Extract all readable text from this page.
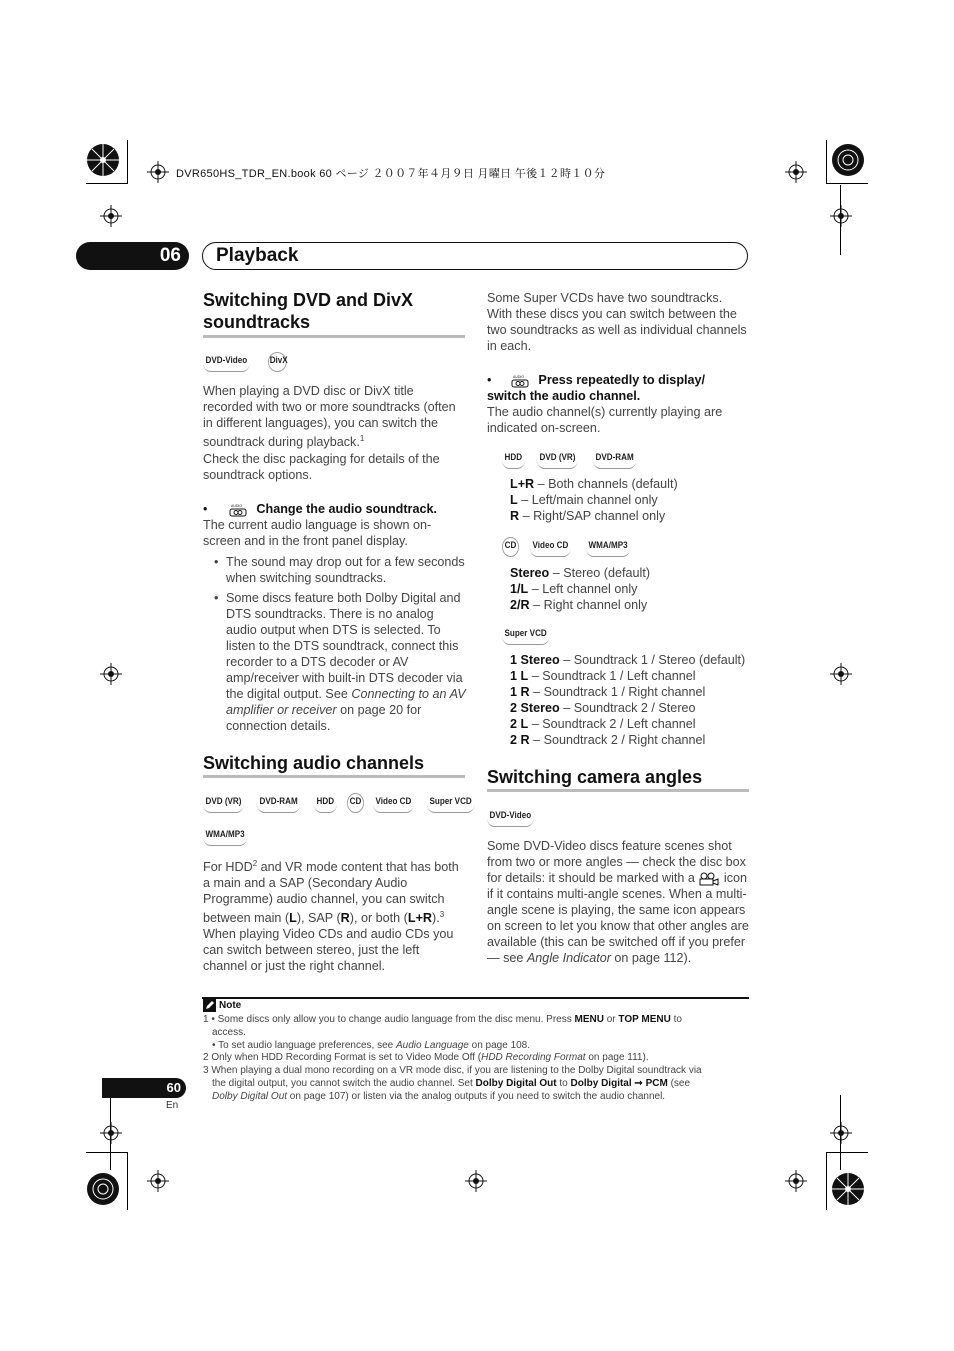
DVR650HS_TDR_EN.book 60 ページ ２００７年４月９日 月曜日 午後１２時１０分
06	Playback
Switching DVD and DivX soundtracks
DVD-Video DivX
When playing a DVD disc or DivX title recorded with two or more soundtracks (often in different languages), you can switch the soundtrack during playback.$^1$
Check the disc packaging for details of the soundtrack options.
•	AUDIO Change the audio soundtrack.
The current audio language is shown on-screen and in the front panel display.
• The sound may drop out for a few seconds when switching soundtracks.
• Some discs feature both Dolby Digital and DTS soundtracks. There is no analog audio output when DTS is selected. To listen to the DTS soundtrack, connect this recorder to a DTS decoder or AV amp/receiver with built-in DTS decoder via the digital output. See Connecting to an AV amplifier or receiver on page 20 for connection details.
Switching audio channels
DVD (VR) DVD-RAM HDD CD Video CD Super VCD
WMA/MP3
For HDD$^2$ and VR mode content that has both a main and a SAP (Secondary Audio Programme) audio channel, you can switch between main (L), SAP (R), or both (L+R).$^3$
When playing Video CDs and audio CDs you can switch between stereo, just the left channel or just the right channel.
Some Super VCDs have two soundtracks. With these discs you can switch between the two soundtracks as well as individual channels in each.
•	AUDIO Press repeatedly to display/
switch the audio channel.
The audio channel(s) currently playing are indicated on-screen.
HDD DVD (VR) DVD-RAM
L+R – Both channels (default)
L – Left/main channel only
R – Right/SAP channel only
CD Video CD WMA/MP3
Stereo – Stereo (default)
1/L – Left channel only
2/R – Right channel only
Super VCD
1 Stereo – Soundtrack 1 / Stereo (default)
1 L – Soundtrack 1 / Left channel
1 R – Soundtrack 1 / Right channel
2 Stereo – Soundtrack 2 / Stereo
2 L – Soundtrack 2 / Left channel
2 R – Soundtrack 2 / Right channel
Switching camera angles
DVD-Video
Some DVD-Video discs feature scenes shot from two or more angles — check the disc box for details: it should be marked with a  icon if it contains multi-angle scenes. When a multi-angle scene is playing, the same icon appears on screen to let you know that other angles are available (this can be switched off if you prefer — see Angle Indicator on page 112).
Note
1 • Some discs only allow you to change audio language from the disc menu. Press MENU or TOP MENU to
access.
• To set audio language preferences, see Audio Language on page 108.
2 Only when HDD Recording Format is set to Video Mode Off (HDD Recording Format on page 111).
3 When playing a dual mono recording on a VR mode disc, if you are listening to the Dolby Digital soundtrack via
the digital output, you cannot switch the audio channel. Set Dolby Digital Out to Dolby Digital ➞ PCM (see
Dolby Digital Out on page 107) or listen via the analog outputs if you need to switch the audio channel.
60
En
